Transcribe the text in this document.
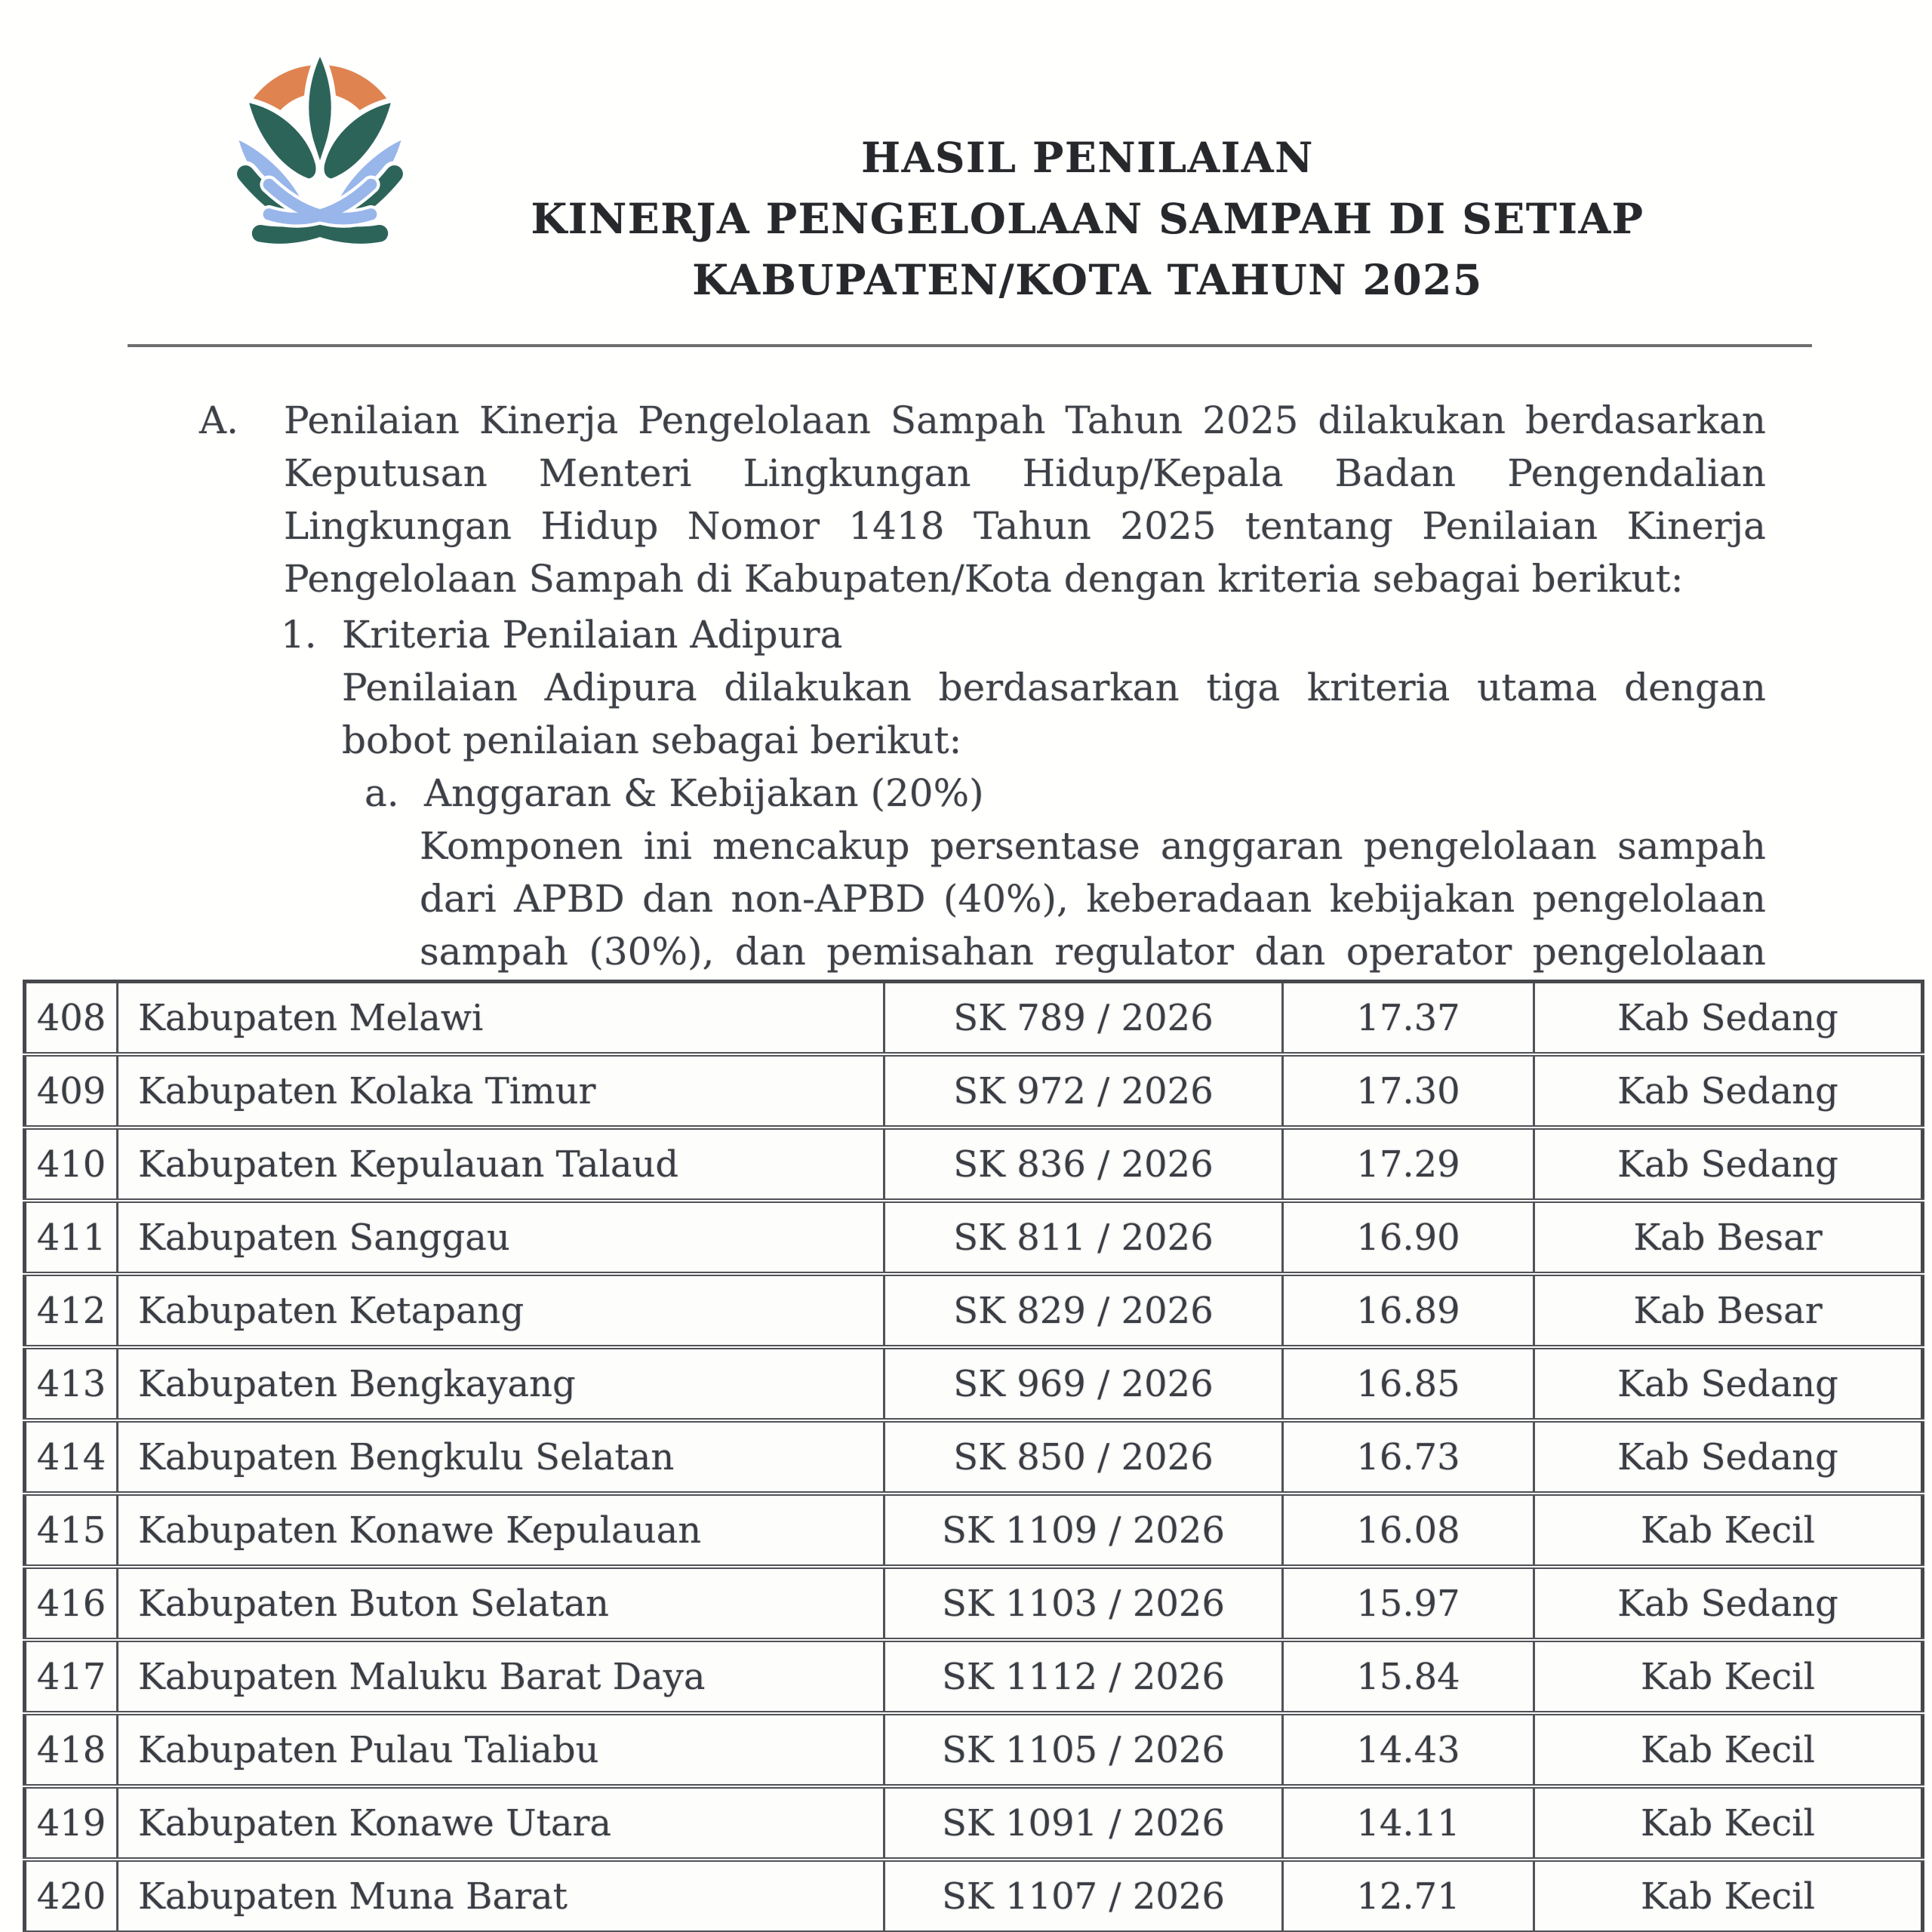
HASIL PENILAIAN
KINERJA PENGELOLAAN SAMPAH DI SETIAP
KABUPATEN/KOTA TAHUN 2025
A. Penilaian Kinerja Pengelolaan Sampah Tahun 2025 dilakukan berdasarkan
Keputusan Menteri Lingkungan Hidup/Kepala Badan Pengendalian
Lingkungan Hidup Nomor 1418 Tahun 2025 tentang Penilaian Kinerja
Pengelolaan Sampah di Kabupaten/Kota dengan kriteria sebagai berikut:
1. Kriteria Penilaian Adipura
Penilaian Adipura dilakukan berdasarkan tiga kriteria utama dengan
bobot penilaian sebagai berikut:
a. Anggaran & Kebijakan (20%)
Komponen ini mencakup persentase anggaran pengelolaan sampah
dari APBD dan non-APBD (40%), keberadaan kebijakan pengelolaan
sampah (30%), dan pemisahan regulator dan operator pengelolaan
408	Kabupaten Melawi	SK 789 / 2026	17.37	Kab Sedang
409	Kabupaten Kolaka Timur	SK 972 / 2026	17.30	Kab Sedang
410	Kabupaten Kepulauan Talaud	SK 836 / 2026	17.29	Kab Sedang
411	Kabupaten Sanggau	SK 811 / 2026	16.90	Kab Besar
412	Kabupaten Ketapang	SK 829 / 2026	16.89	Kab Besar
413	Kabupaten Bengkayang	SK 969 / 2026	16.85	Kab Sedang
414	Kabupaten Bengkulu Selatan	SK 850 / 2026	16.73	Kab Sedang
415	Kabupaten Konawe Kepulauan	SK 1109 / 2026	16.08	Kab Kecil
416	Kabupaten Buton Selatan	SK 1103 / 2026	15.97	Kab Sedang
417	Kabupaten Maluku Barat Daya	SK 1112 / 2026	15.84	Kab Kecil
418	Kabupaten Pulau Taliabu	SK 1105 / 2026	14.43	Kab Kecil
419	Kabupaten Konawe Utara	SK 1091 / 2026	14.11	Kab Kecil
420	Kabupaten Muna Barat	SK 1107 / 2026	12.71	Kab Kecil
